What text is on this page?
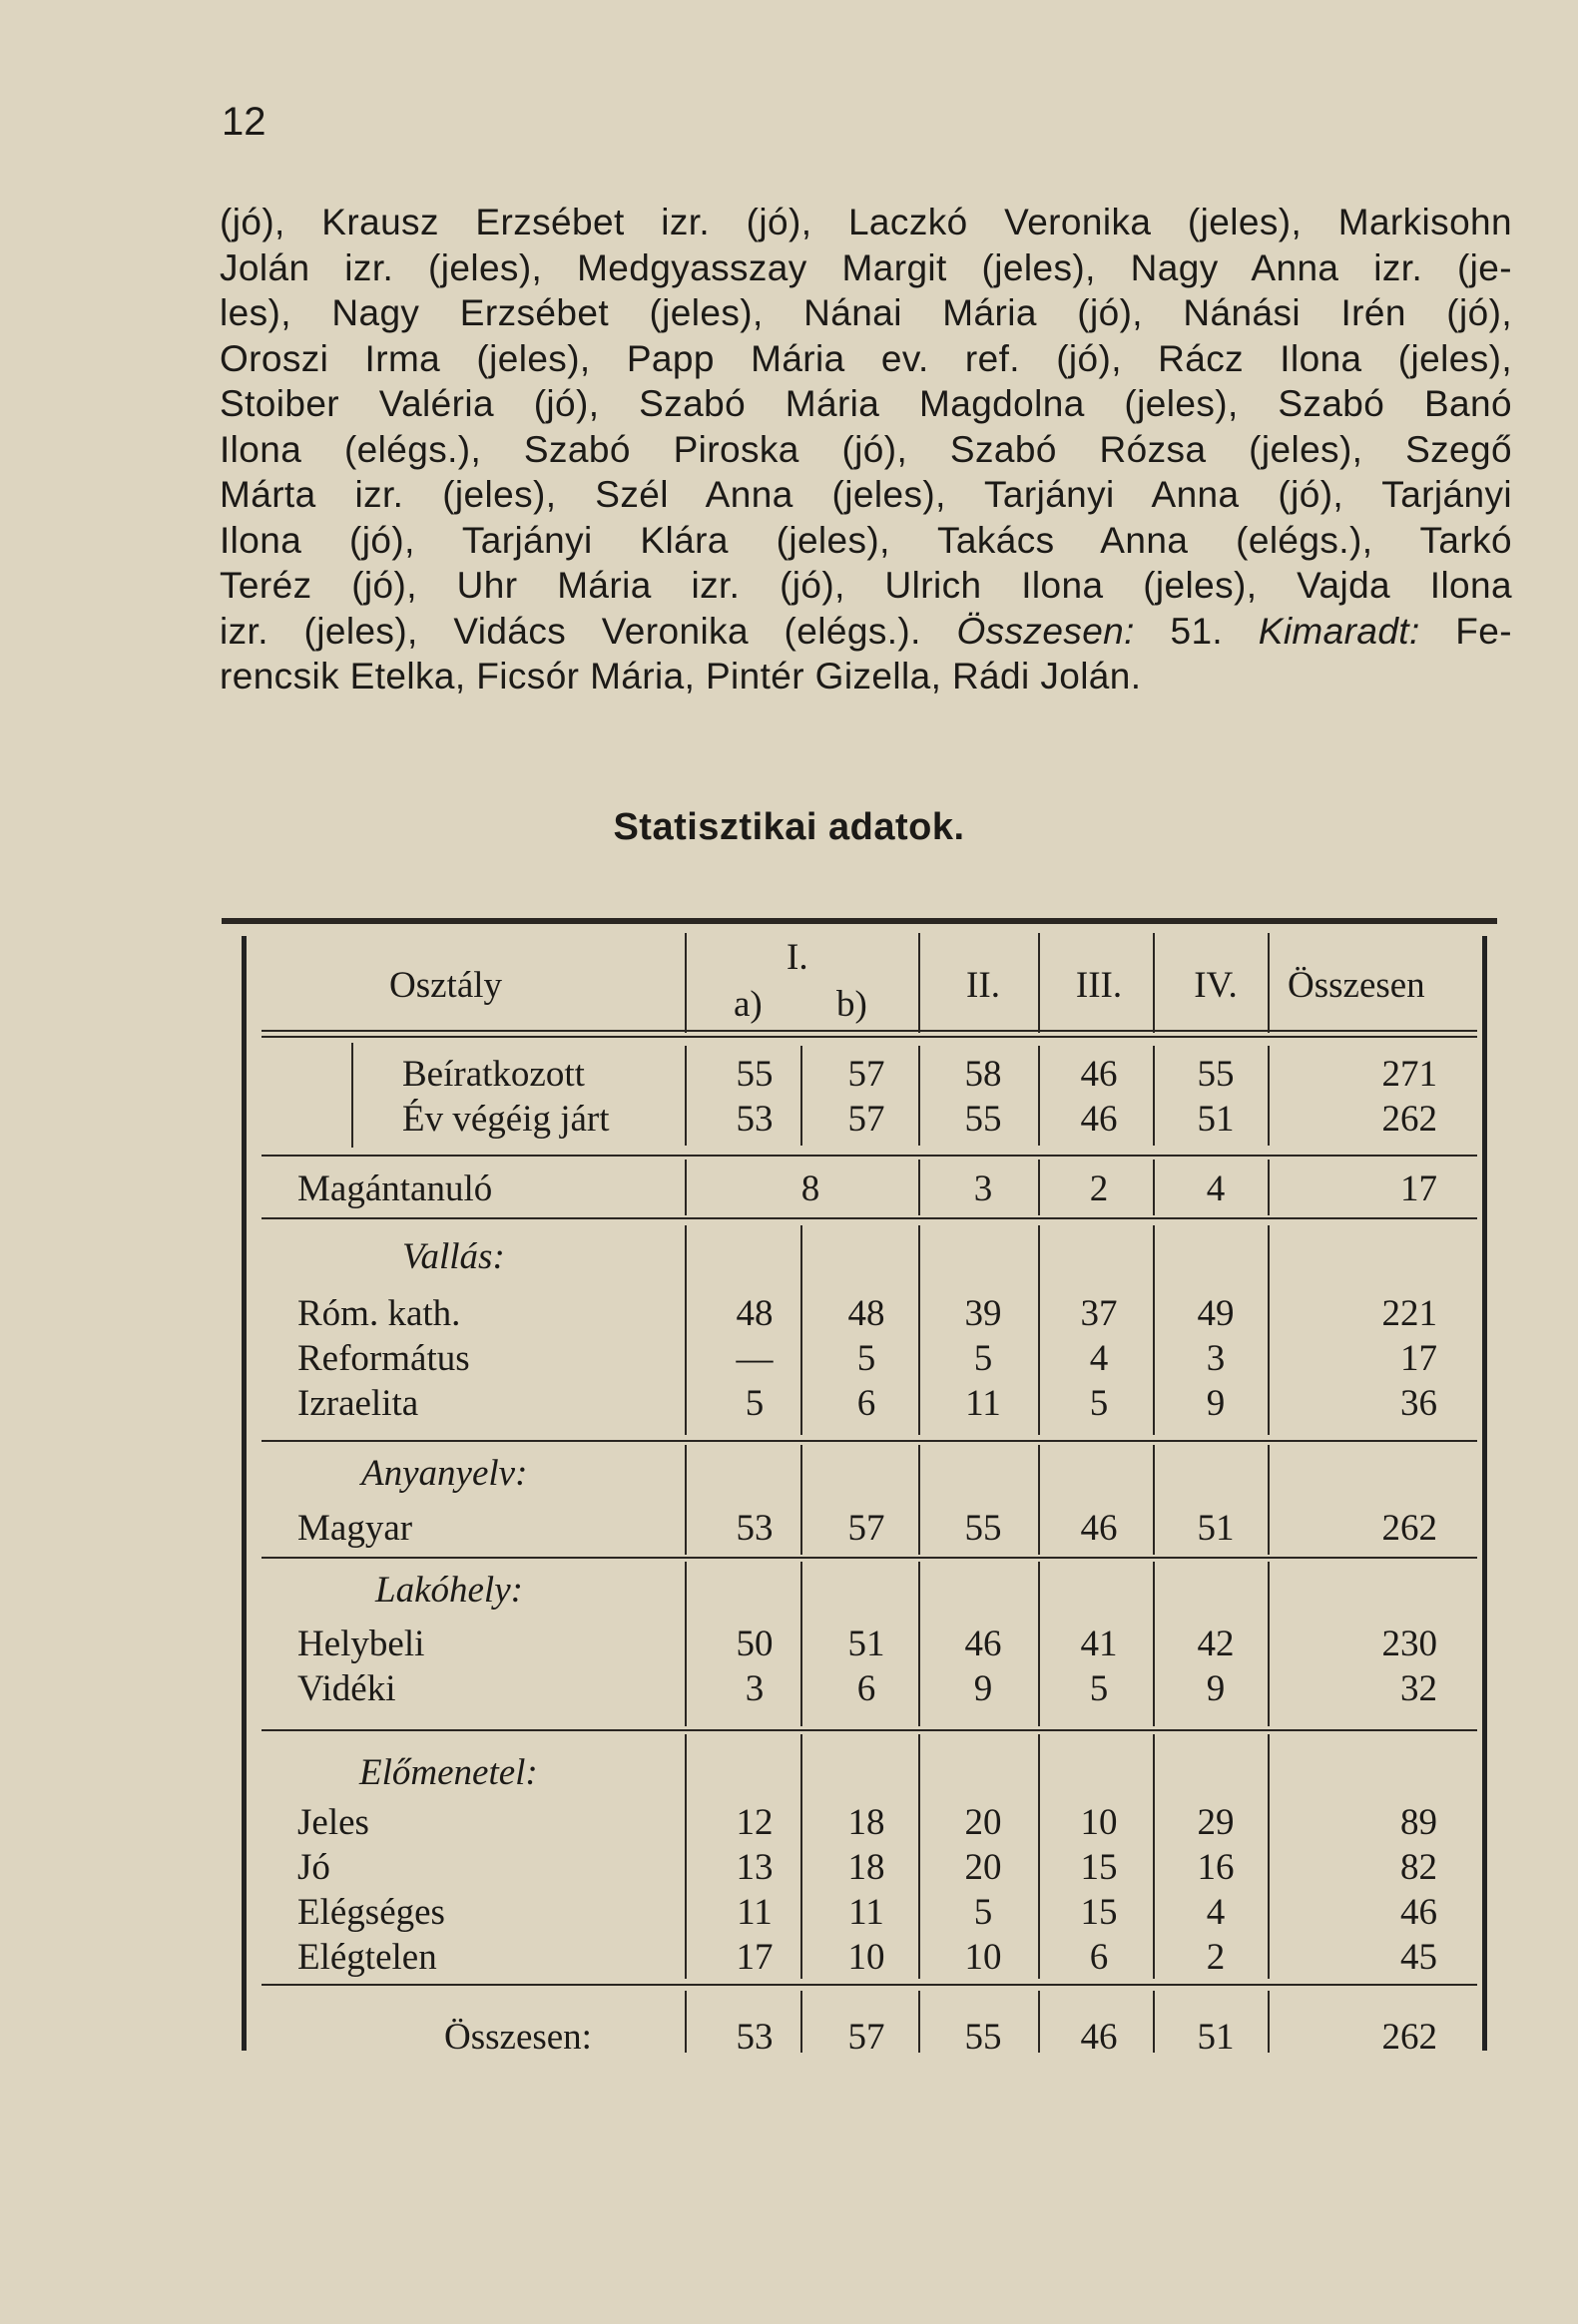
12
(jó), Krausz Erzsébet izr. (jó), Laczkó Veronika (jeles), Markisohn
Jolán izr. (jeles), Medgyasszay Margit (jeles), Nagy Anna izr. (je-
les), Nagy Erzsébet (jeles), Nánai Mária (jó), Nánási Irén (jó),
Oroszi Irma (jeles), Papp Mária ev. ref. (jó), Rácz Ilona (jeles),
Stoiber Valéria (jó), Szabó Mária Magdolna (jeles), Szabó Banó
Ilona (elégs.), Szabó Piroska (jó), Szabó Rózsa (jeles), Szegő
Márta izr. (jeles), Szél Anna (jeles), Tarjányi Anna (jó), Tarjányi
Ilona (jó), Tarjányi Klára (jeles), Takács Anna (elégs.), Tarkó
Teréz (jó), Uhr Mária izr. (jó), Ulrich Ilona (jeles), Vajda Ilona
izr. (jeles), Vidács Veronika (elégs.). Összesen: 51. Kimaradt: Fe-
rencsik Etelka, Ficsór Mária, Pintér Gizella, Rádi Jolán.
Statisztikai adatok.
Osztály
I.
a) b)	II.	III.	IV.	Összesen
Beíratkozott	55	57	58	46	55	271
Év végéig járt	53	57	55	46	51	262
Magántanuló	8	3	2	4	17
Vallás:
Róm. kath.	48	48	39	37	49	221
Református	—	5	5	4	3	17
Izraelita	5	6	11	5	9	36
Anyanyelv:
Magyar	53	57	55	46	51	262
Lakóhely:
Helybeli	50	51	46	41	42	230
Vidéki	3	6	9	5	9	32
Előmenetel:
Jeles	12	18	20	10	29	89
Jó	13	18	20	15	16	82
Elégséges	11	11	5	15	4	46
Elégtelen	17	10	10	6	2	45
Összesen:	53	57	55	46	51	262
